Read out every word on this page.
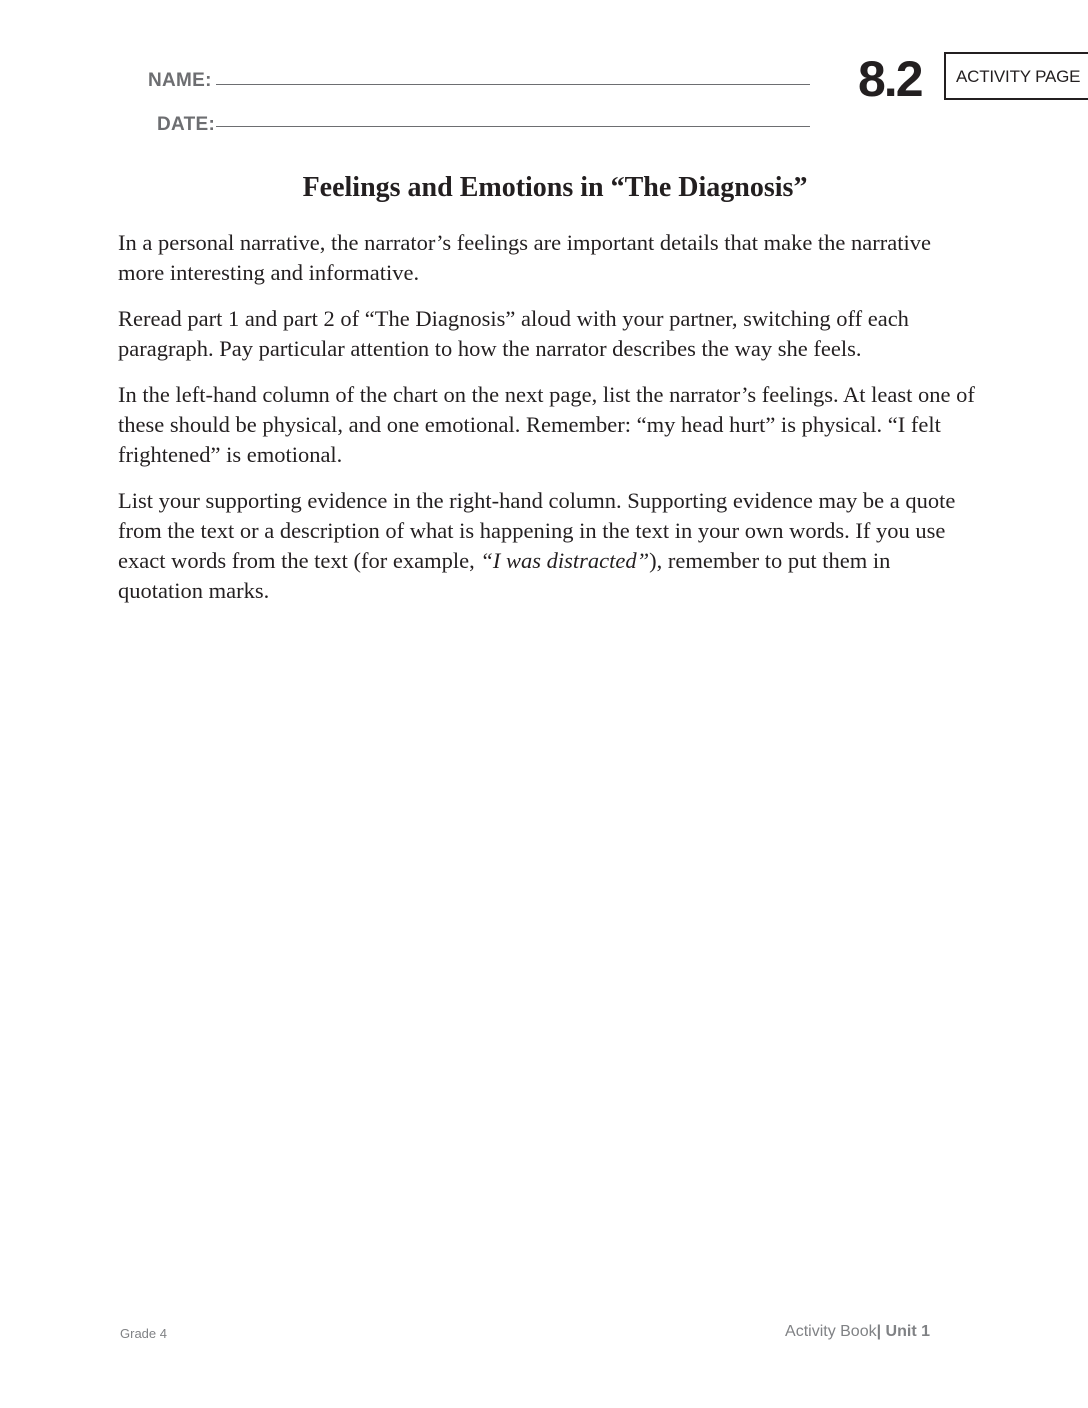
NAME:
DATE:
8.2 ACTIVITY PAGE
Feelings and Emotions in “The Diagnosis”

In a personal narrative, the narrator’s feelings are important details that make the narrative more interesting and informative.

Reread part 1 and part 2 of “The Diagnosis” aloud with your partner, switching off each paragraph. Pay particular attention to how the narrator describes the way she feels.

In the left-hand column of the chart on the next page, list the narrator’s feelings. At least one of these should be physical, and one emotional. Remember: “my head hurt” is physical. “I felt frightened” is emotional.

List your supporting evidence in the right-hand column. Supporting evidence may be a quote from the text or a description of what is happening in the text in your own words. If you use exact words from the text (for example, “I was distracted”), remember to put them in quotation marks.

Grade 4	Activity Book| Unit 1
